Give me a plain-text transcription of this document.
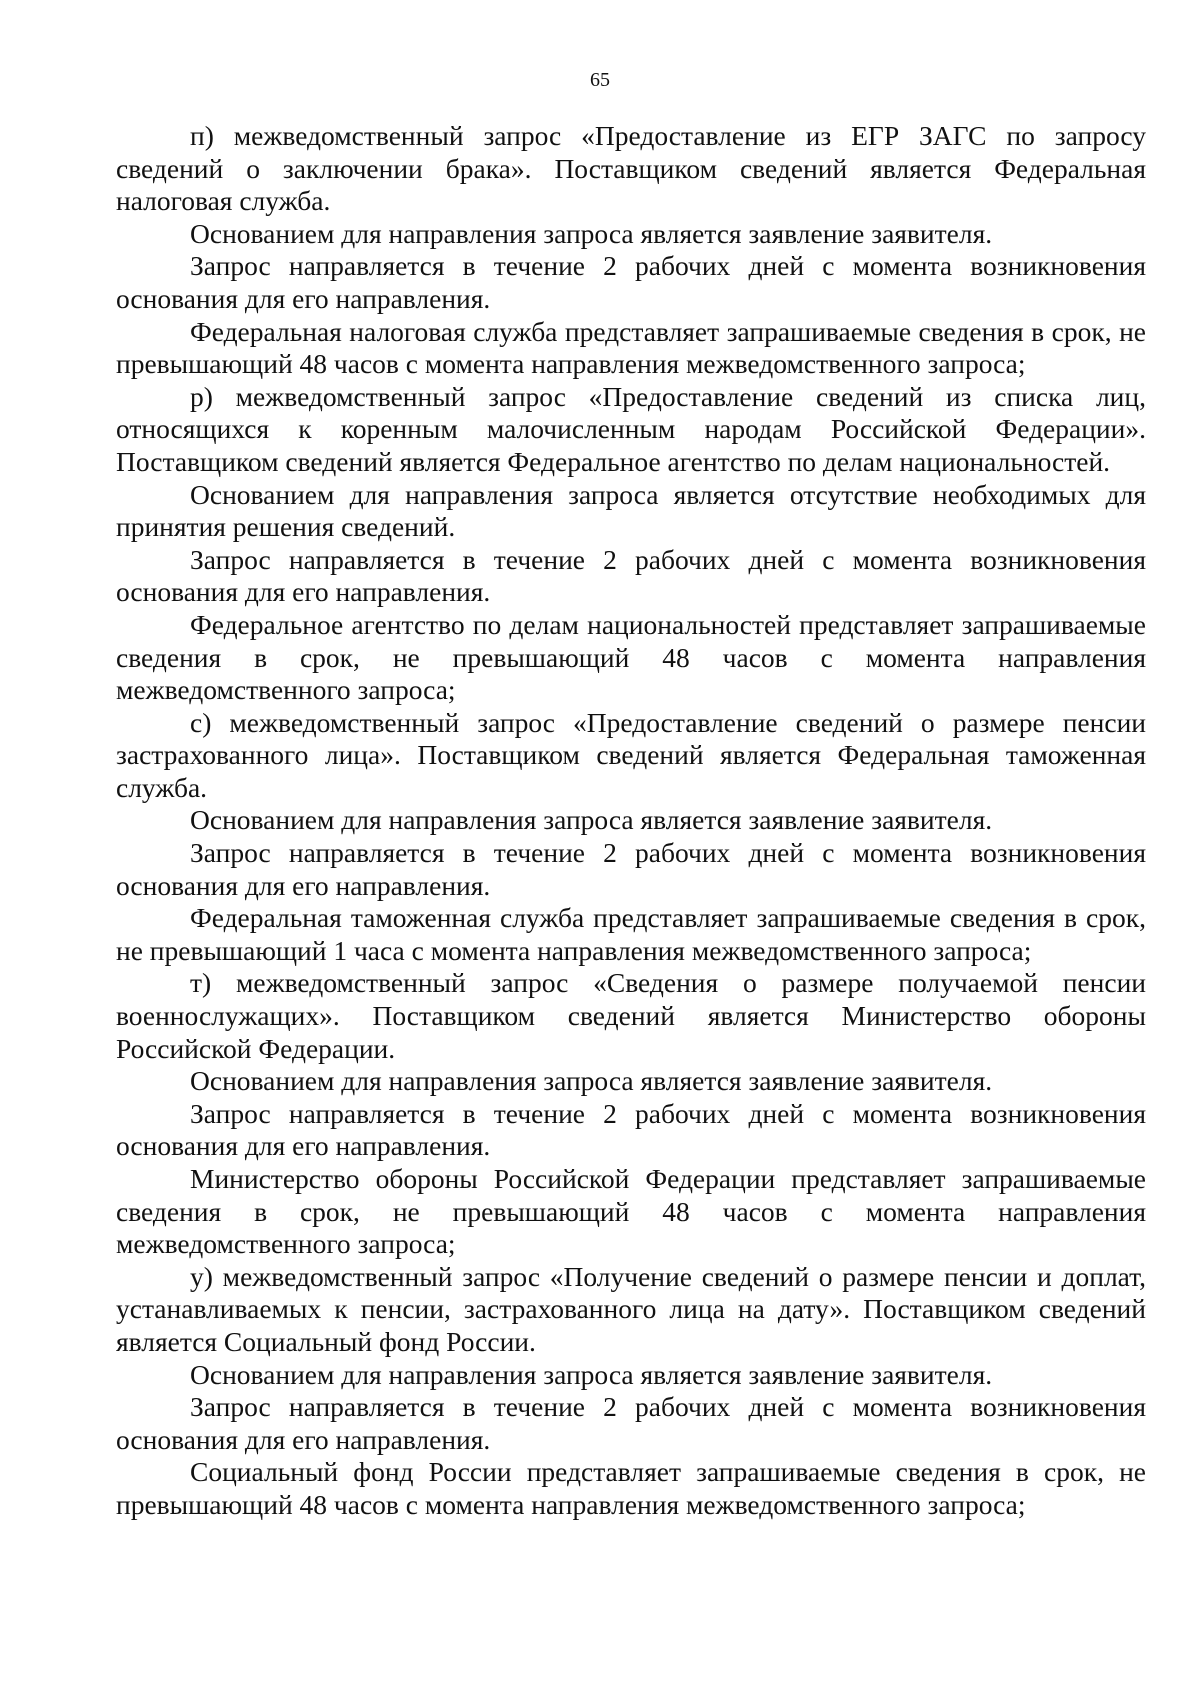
65

п) межведомственный запрос «Предоставление из ЕГР ЗАГС по запросу сведений о заключении брака». Поставщиком сведений является Федеральная налоговая служба.

Основанием для направления запроса является заявление заявителя.

Запрос направляется в течение 2 рабочих дней с момента возникновения основания для его направления.

Федеральная налоговая служба представляет запрашиваемые сведения в срок, не превышающий 48 часов с момента направления межведомственного запроса;

р) межведомственный запрос «Предоставление сведений из списка лиц, относящихся к коренным малочисленным народам Российской Федерации». Поставщиком сведений является Федеральное агентство по делам национальностей.

Основанием для направления запроса является отсутствие необходимых для принятия решения сведений.

Запрос направляется в течение 2 рабочих дней с момента возникновения основания для его направления.

Федеральное агентство по делам национальностей представляет запрашиваемые сведения в срок, не превышающий 48 часов с момента направления межведомственного запроса;

с) межведомственный запрос «Предоставление сведений о размере пенсии застрахованного лица». Поставщиком сведений является Федеральная таможенная служба.

Основанием для направления запроса является заявление заявителя.

Запрос направляется в течение 2 рабочих дней с момента возникновения основания для его направления.

Федеральная таможенная служба представляет запрашиваемые сведения в срок, не превышающий 1 часа с момента направления межведомственного запроса;

т) межведомственный запрос «Сведения о размере получаемой пенсии военнослужащих». Поставщиком сведений является Министерство обороны Российской Федерации.

Основанием для направления запроса является заявление заявителя.

Запрос направляется в течение 2 рабочих дней с момента возникновения основания для его направления.

Министерство обороны Российской Федерации представляет запрашиваемые сведения в срок, не превышающий 48 часов с момента направления межведомственного запроса;

у) межведомственный запрос «Получение сведений о размере пенсии и доплат, устанавливаемых к пенсии, застрахованного лица на дату». Поставщиком сведений является Социальный фонд России.

Основанием для направления запроса является заявление заявителя.

Запрос направляется в течение 2 рабочих дней с момента возникновения основания для его направления.

Социальный фонд России представляет запрашиваемые сведения в срок, не превышающий 48 часов с момента направления межведомственного запроса;
